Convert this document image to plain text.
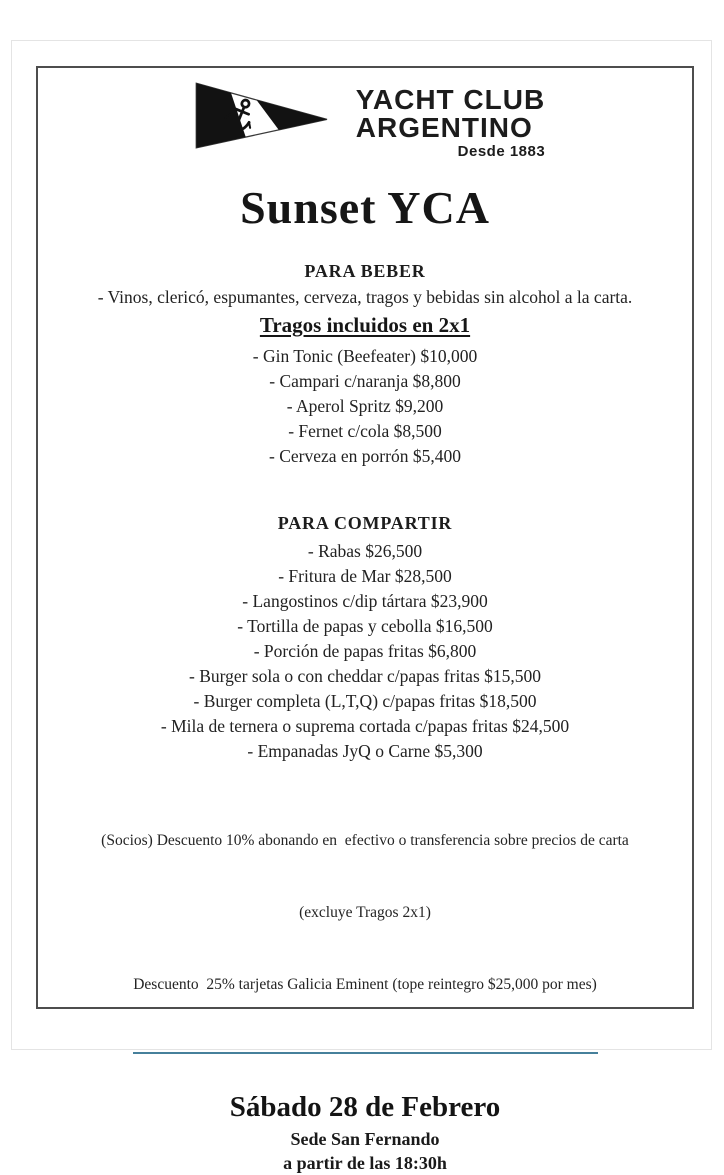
YACHT CLUB
ARGENTINO
Desde 1883
Sunset YCA
PARA BEBER
- Vinos, clericó, espumantes, cerveza, tragos y bebidas sin alcohol a la carta.
Tragos incluidos en 2x1
- Gin Tonic (Beefeater) $10,000
- Campari c/naranja $8,800
- Aperol Spritz $9,200
- Fernet c/cola $8,500
- Cerveza en porrón $5,400
PARA COMPARTIR
- Rabas $26,500
- Fritura de Mar $28,500
- Langostinos c/dip tártara $23,900
- Tortilla de papas y cebolla $16,500
- Porción de papas fritas $6,800
- Burger sola o con cheddar c/papas fritas $15,500
- Burger completa (L,T,Q) c/papas fritas $18,500
- Mila de ternera o suprema cortada c/papas fritas $24,500
- Empanadas JyQ o Carne $5,300

(Socios) Descuento 10% abonando en  efectivo o transferencia sobre precios de carta

(excluye Tragos 2x1)

Descuento  25% tarjetas Galicia Eminent (tope reintegro $25,000 por mes)

Sábado 28 de Febrero
Sede San Fernando
a partir de las 18:30h
